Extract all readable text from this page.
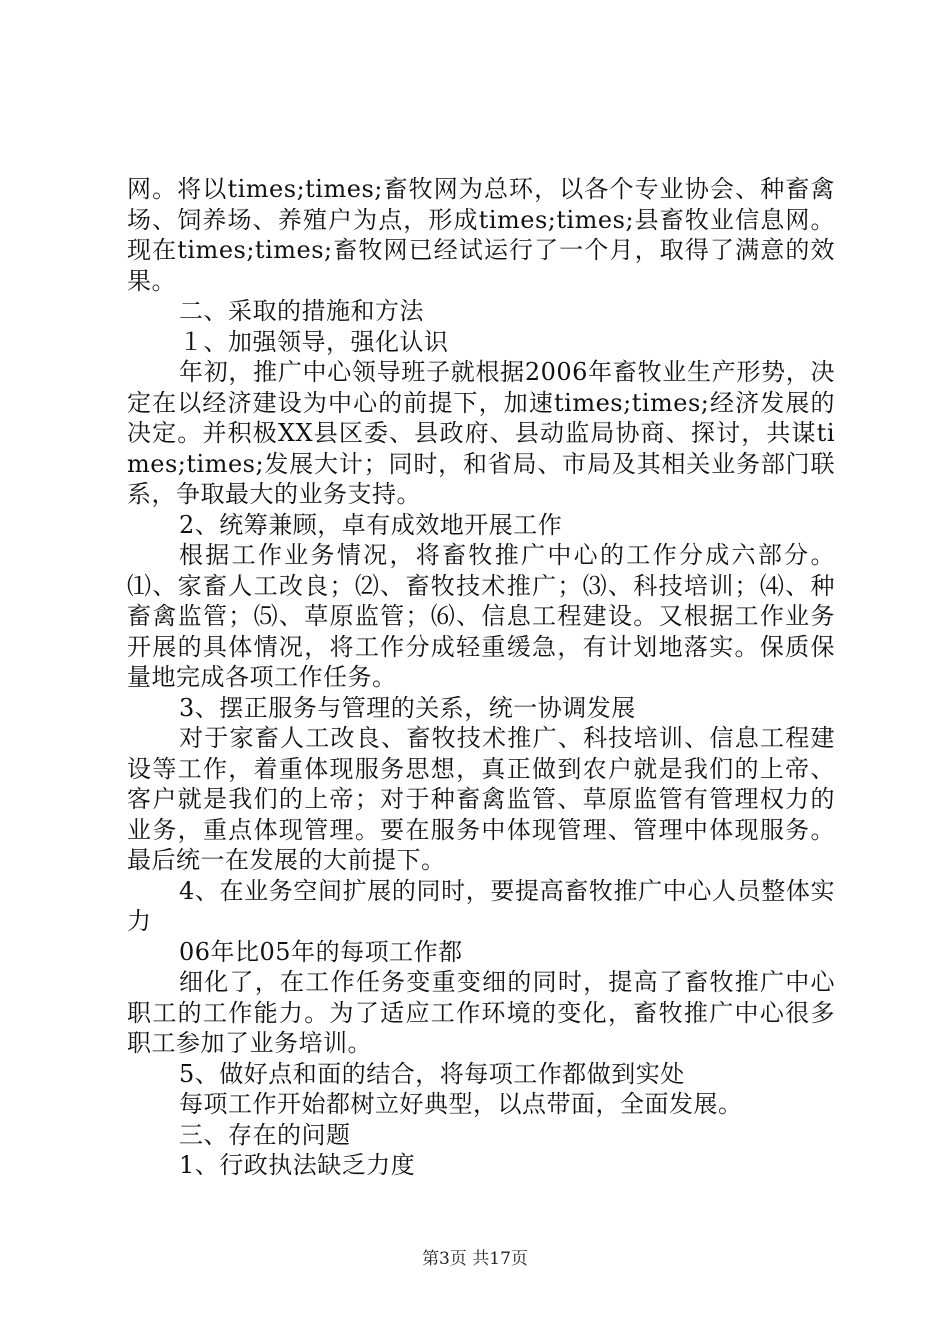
网。将以times;times;畜牧网为总环，以各个专业协会、种畜禽场、饲养场、养殖户为点，形成times;times;县畜牧业信息网。现在times;times;畜牧网已经试运行了一个月，取得了满意的效果。

二、采取的措施和方法

１、加强领导，强化认识

年初，推广中心领导班子就根据2006年畜牧业生产形势，决定在以经济建设为中心的前提下，加速times;times;经济发展的决定。并积极XX县区委、县政府、县动监局协商、探讨，共谋times;times;发展大计；同时，和省局、市局及其相关业务部门联系，争取最大的业务支持。

2、统筹兼顾，卓有成效地开展工作

根据工作业务情况，将畜牧推广中心的工作分成六部分。⑴、家畜人工改良；⑵、畜牧技术推广；⑶、科技培训；⑷、种畜禽监管；⑸、草原监管；⑹、信息工程建设。又根据工作业务开展的具体情况，将工作分成轻重缓急，有计划地落实。保质保量地完成各项工作任务。

3、摆正服务与管理的关系，统一协调发展

对于家畜人工改良、畜牧技术推广、科技培训、信息工程建设等工作，着重体现服务思想，真正做到农户就是我们的上帝、客户就是我们的上帝；对于种畜禽监管、草原监管有管理权力的业务，重点体现管理。要在服务中体现管理、管理中体现服务。最后统一在发展的大前提下。

4、在业务空间扩展的同时，要提高畜牧推广中心人员整体实力

06年比05年的每项工作都

细化了，在工作任务变重变细的同时，提高了畜牧推广中心职工的工作能力。为了适应工作环境的变化，畜牧推广中心很多职工参加了业务培训。

5、做好点和面的结合，将每项工作都做到实处

每项工作开始都树立好典型，以点带面，全面发展。

三、存在的问题

1、行政执法缺乏力度

第3页 共17页
